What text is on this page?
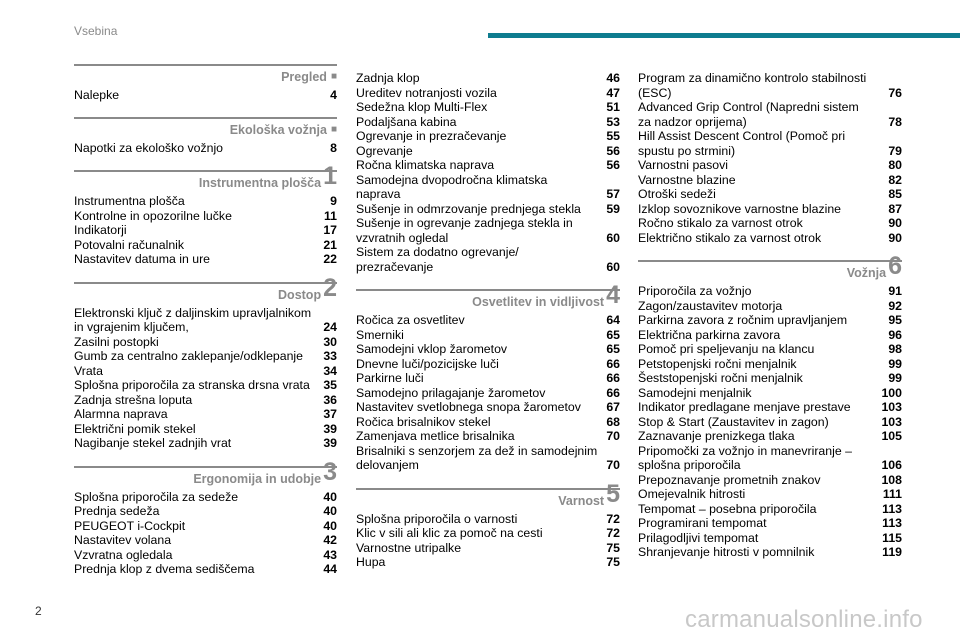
Vsebina
Pregled ■
Nalepke	4
Ekološka vožnja ■
Napotki za ekološko vožnjo	8
Instrumentna plošča1
Instrumentna plošča	9
Kontrolne in opozorilne lučke	11
Indikatorji	17
Potovalni računalnik	21
Nastavitev datuma in ure	22
Dostop2
Elektronski ključ z daljinskim upravljalnikom
in vgrajenim ključem,	24
Zasilni postopki	30
Gumb za centralno zaklepanje/odklepanje	33
Vrata	34
Splošna priporočila za stranska drsna vrata	35
Zadnja strešna loputa	36
Alarmna naprava	37
Električni pomik stekel	39
Nagibanje stekel zadnjih vrat	39
Ergonomija in udobje3
Splošna priporočila za sedeže	40
Prednja sedeža	40
PEUGEOT i-Cockpit	40
Nastavitev volana	42
Vzvratna ogledala	43
Prednja klop z dvema sediščema	44
Zadnja klop	46
Ureditev notranjosti vozila	47
Sedežna klop Multi-Flex	51
Podaljšana kabina	53
Ogrevanje in prezračevanje	55
Ogrevanje	56
Ročna klimatska naprava	56
Samodejna dvopodročna klimatska
naprava	57
Sušenje in odmrzovanje prednjega stekla	59
Sušenje in ogrevanje zadnjega stekla in
vzvratnih ogledal	60
Sistem za dodatno ogrevanje/
prezračevanje	60
Osvetlitev in vidljivost4
Ročica za osvetlitev	64
Smerniki	65
Samodejni vklop žarometov	65
Dnevne luči/pozicijske luči	66
Parkirne luči	66
Samodejno prilagajanje žarometov	66
Nastavitev svetlobnega snopa žarometov	67
Ročica brisalnikov stekel	68
Zamenjava metlice brisalnika	70
Brisalniki s senzorjem za dež in samodejnim
delovanjem	70
Varnost5
Splošna priporočila o varnosti	72
Klic v sili ali klic za pomoč na cesti	72
Varnostne utripalke	75
Hupa	75
Program za dinamično kontrolo stabilnosti
(ESC)	76
Advanced Grip Control (Napredni sistem
za nadzor oprijema)	78
Hill Assist Descent Control (Pomoč pri
spustu po strmini)	79
Varnostni pasovi	80
Varnostne blazine	82
Otroški sedeži	85
Izklop sovoznikove varnostne blazine	87
Ročno stikalo za varnost otrok	90
Električno stikalo za varnost otrok	90
Vožnja6
Priporočila za vožnjo	91
Zagon/zaustavitev motorja	92
Parkirna zavora z ročnim upravljanjem	95
Električna parkirna zavora	96
Pomoč pri speljevanju na klancu	98
Petstopenjski ročni menjalnik	99
Šeststopenjski ročni menjalnik	99
Samodejni menjalnik	100
Indikator predlagane menjave prestave	103
Stop & Start (Zaustavitev in zagon)	103
Zaznavanje prenizkega tlaka	105
Pripomočki za vožnjo in manevriranje –
splošna priporočila	106
Prepoznavanje prometnih znakov	108
Omejevalnik hitrosti	111
Tempomat – posebna priporočila	113
Programirani tempomat	113
Prilagodljivi tempomat	115
Shranjevanje hitrosti v pomnilnik	119
2	carmanualsonline.info
